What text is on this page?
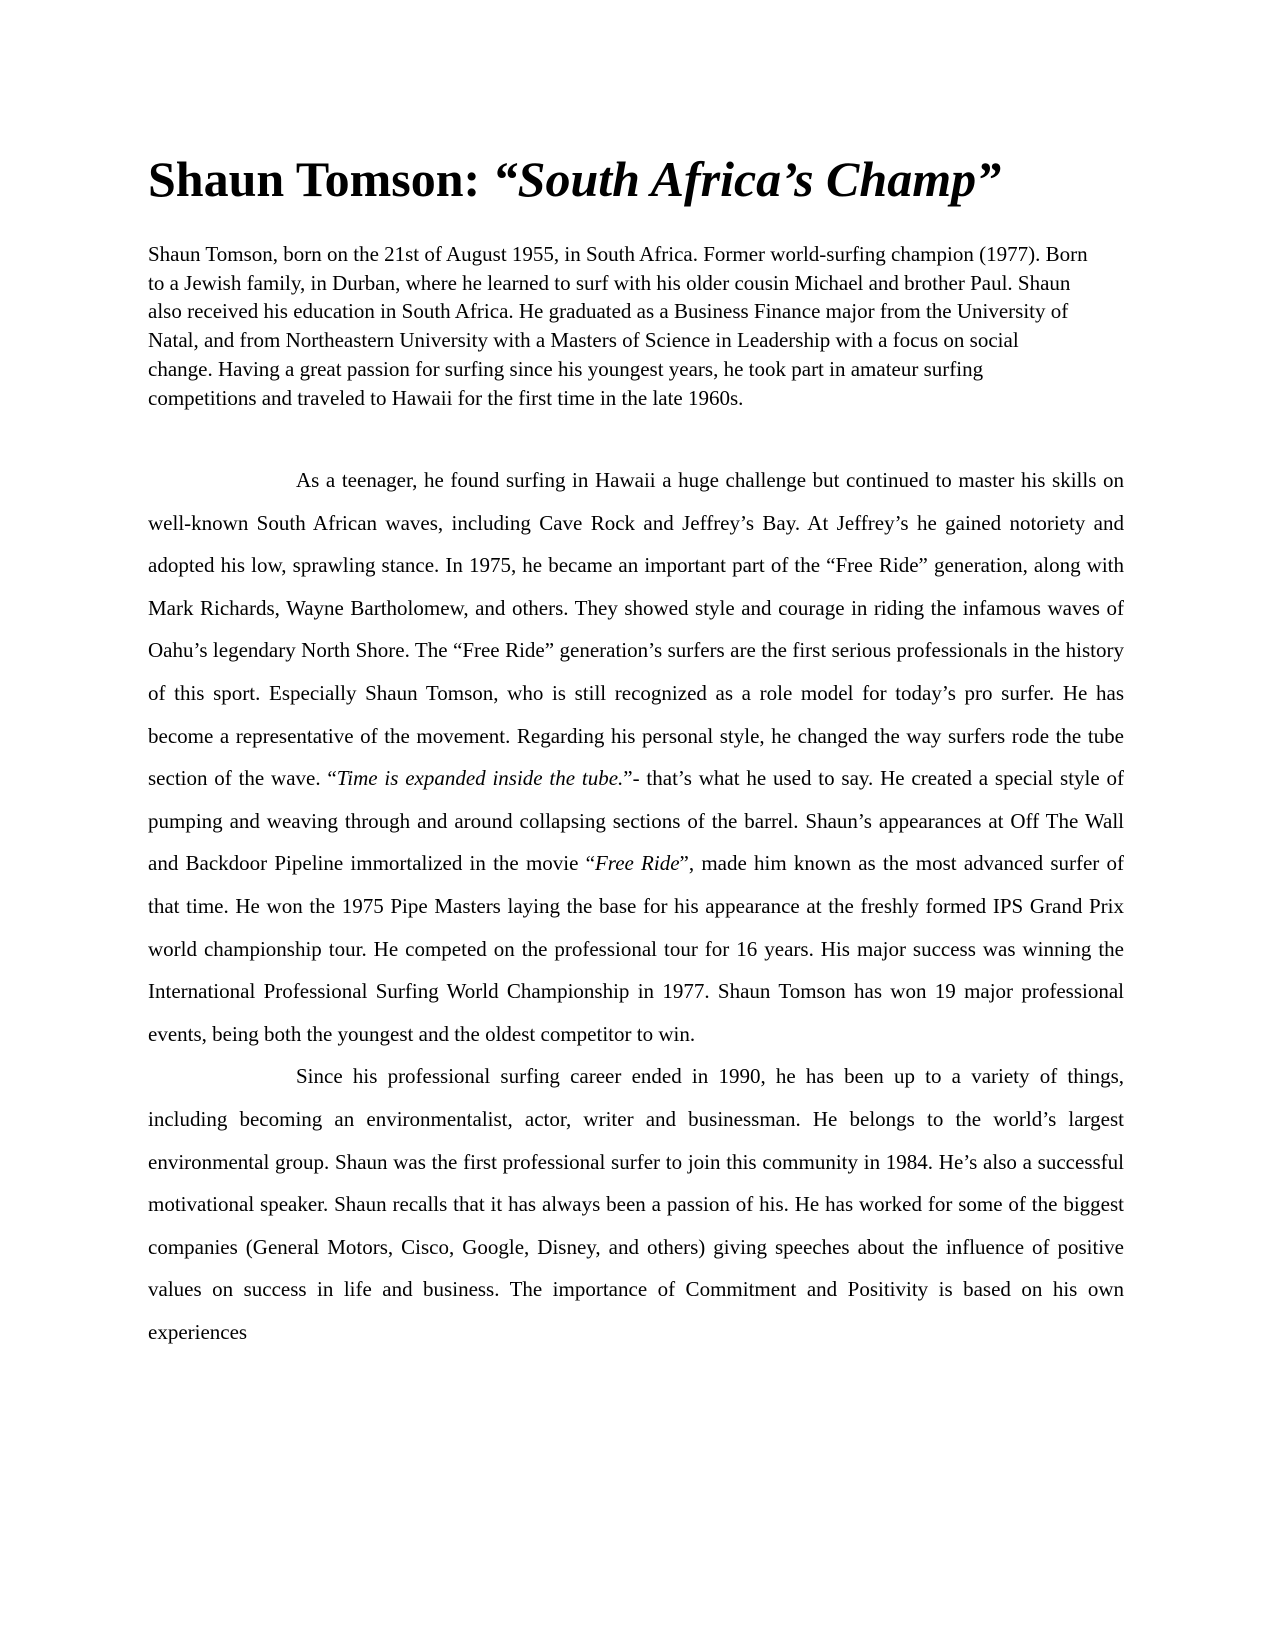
Shaun Tomson: “South Africa’s Champ”

Shaun Tomson, born on the 21st of August 1955, in South Africa. Former world-surfing champion (1977). Born to a Jewish family, in Durban, where he learned to surf with his older cousin Michael and brother Paul. Shaun also received his education in South Africa. He graduated as a Business Finance major from the University of Natal, and from Northeastern University with a Masters of Science in Leadership with a focus on social change. Having a great passion for surfing since his youngest years, he took part in amateur surfing competitions and traveled to Hawaii for the first time in the late 1960s.

As a teenager, he found surfing in Hawaii a huge challenge but continued to master his skills on well-known South African waves, including Cave Rock and Jeffrey’s Bay. At Jeffrey’s he gained notoriety and adopted his low, sprawling stance. In 1975, he became an important part of the “Free Ride” generation, along with Mark Richards, Wayne Bartholomew, and others. They showed style and courage in riding the infamous waves of Oahu’s legendary North Shore. The “Free Ride” generation’s surfers are the first serious professionals in the history of this sport. Especially Shaun Tomson, who is still recognized as a role model for today’s pro surfer. He has become a representative of the movement. Regarding his personal style, he changed the way surfers rode the tube section of the wave. “Time is expanded inside the tube.”- that’s what he used to say. He created a special style of pumping and weaving through and around collapsing sections of the barrel. Shaun’s appearances at Off The Wall and Backdoor Pipeline immortalized in the movie “Free Ride”, made him known as the most advanced surfer of that time. He won the 1975 Pipe Masters laying the base for his appearance at the freshly formed IPS Grand Prix world championship tour. He competed on the professional tour for 16 years. His major success was winning the International Professional Surfing World Championship in 1977. Shaun Tomson has won 19 major professional events, being both the youngest and the oldest competitor to win.

Since his professional surfing career ended in 1990, he has been up to a variety of things, including becoming an environmentalist, actor, writer and businessman. He belongs to the world’s largest environmental group. Shaun was the first professional surfer to join this community in 1984. He’s also a successful motivational speaker. Shaun recalls that it has always been a passion of his. He has worked for some of the biggest companies (General Motors, Cisco, Google, Disney, and others) giving speeches about the influence of positive values on success in life and business. The importance of Commitment and Positivity is based on his own experiences
